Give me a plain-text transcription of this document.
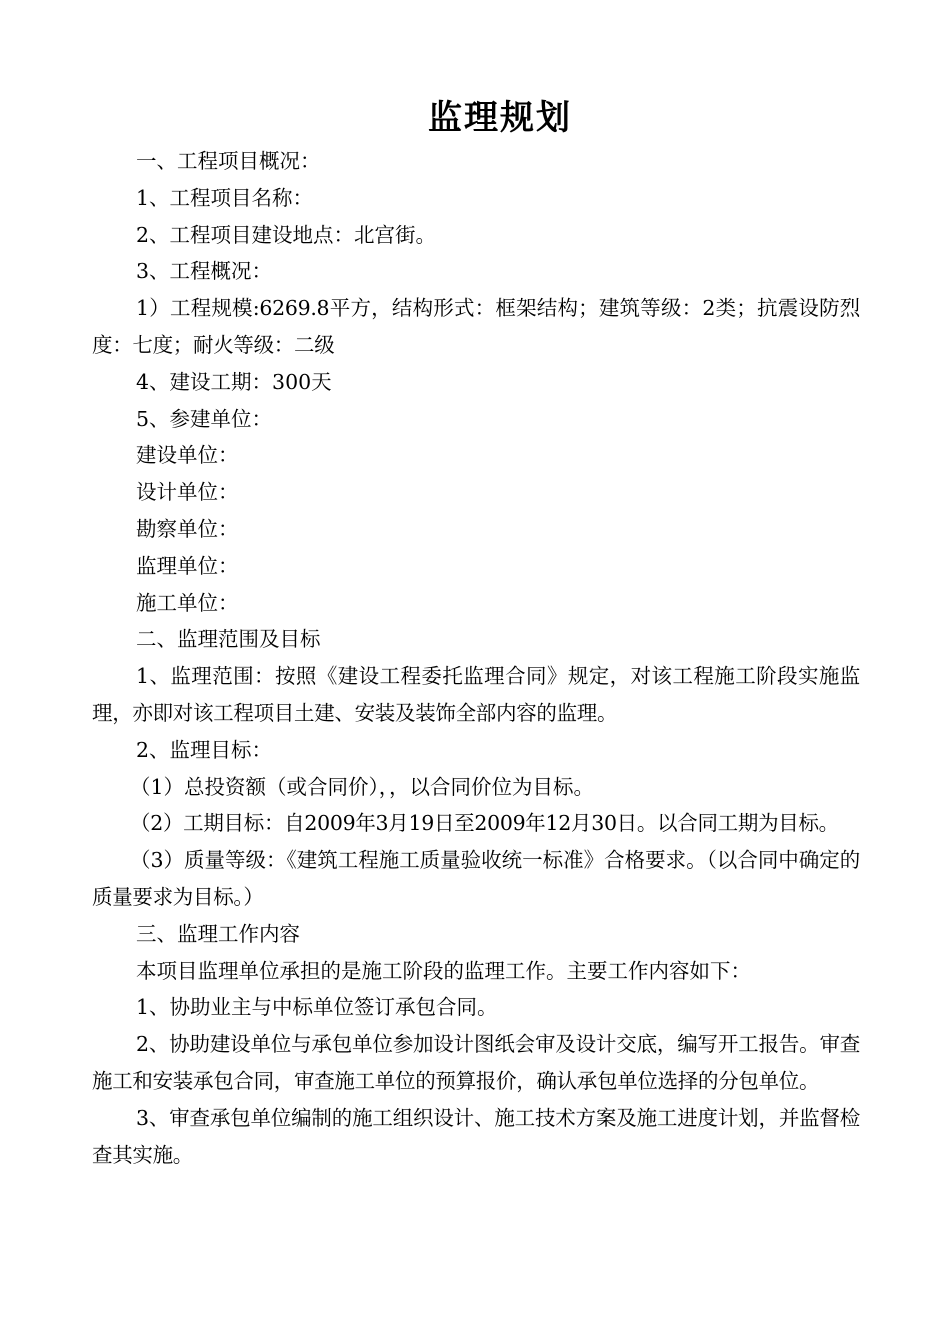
监理规划

一、工程项目概况：

1、工程项目名称：

2、工程项目建设地点：北宫街。

3、工程概况：

1）工程规模:6269.8平方，结构形式：框架结构；建筑等级：2类；抗震设防烈度：七度；耐火等级：二级

4、建设工期：300天

5、参建单位：

建设单位：

设计单位：

勘察单位：

监理单位：

施工单位：

二、监理范围及目标

1、监理范围：按照《建设工程委托监理合同》规定，对该工程施工阶段实施监理，亦即对该工程项目土建、安装及装饰全部内容的监理。

2、监理目标：

（1）总投资额（或合同价），，以合同价位为目标。

（2）工期目标：自2009年3月19日至2009年12月30日。以合同工期为目标。

（3）质量等级：《建筑工程施工质量验收统一标准》合格要求。（以合同中确定的质量要求为目标。）

三、监理工作内容

本项目监理单位承担的是施工阶段的监理工作。主要工作内容如下：

1、协助业主与中标单位签订承包合同。

2、协助建设单位与承包单位参加设计图纸会审及设计交底，编写开工报告。审查施工和安装承包合同，审查施工单位的预算报价，确认承包单位选择的分包单位。

3、审查承包单位编制的施工组织设计、施工技术方案及施工进度计划，并监督检查其实施。
